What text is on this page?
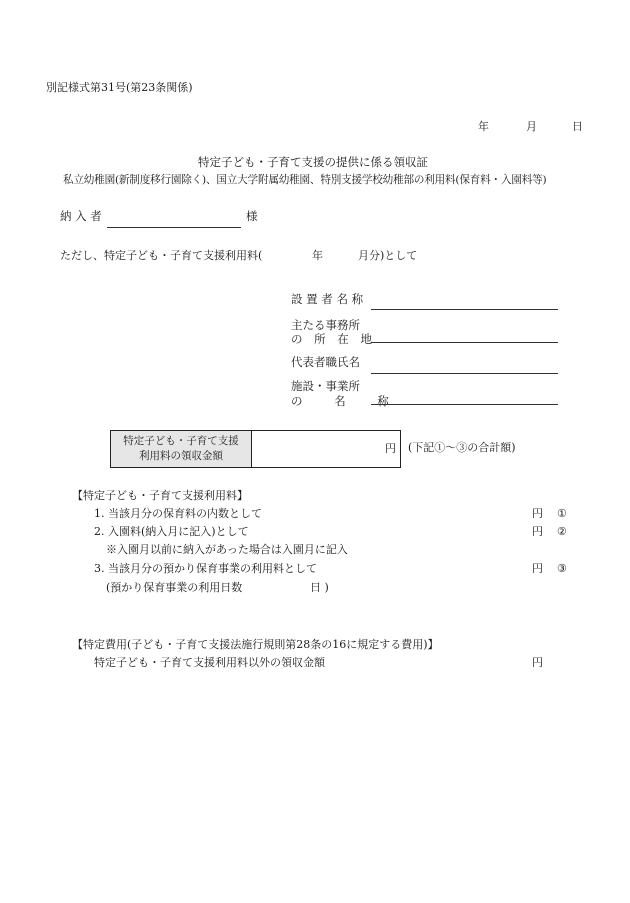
別記様式第31号(第23条関係)
年	月	日
特定子ども・子育て支援の提供に係る領収証
私立幼稚園(新制度移行園除く)、国立大学附属幼稚園、特別支援学校幼稚部の利用料(保育料・入園料等)
納 入 者	様
ただし、特定子ども・子育て支援利用料(	年	月分)として
設 置 者 名 称
主たる事務所
の 所 在 地
代表者職氏名
施設・事業所
の 名 称
特定子ども・子育て支援
利用料の領収金額
円 (下記①～③の合計額)
【特定子ども・子育て支援利用料】
1. 当該月分の保育料の内数として	円 ①
2. 入園料(納入月に記入)として	円 ②
※入園月以前に納入があった場合は入園月に記入
3. 当該月分の預かり保育事業の利用料として	円 ③
(預かり保育事業の利用日数	日 )
【特定費用(子ども・子育て支援法施行規則第28条の16に規定する費用)】
特定子ども・子育て支援利用料以外の領収金額	円
